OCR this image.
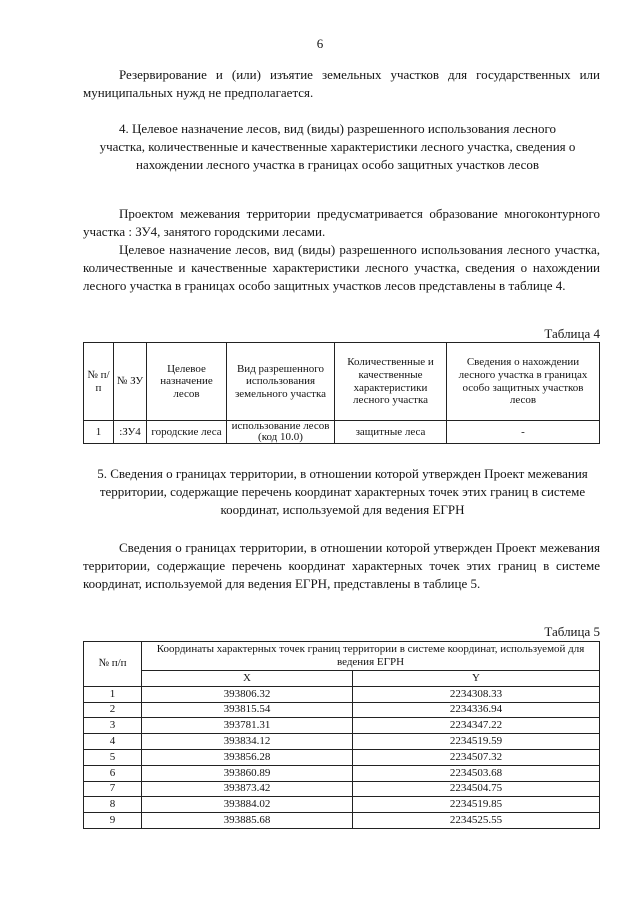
6
Резервирование и (или) изъятие земельных участков для государственных или муниципальных нужд не предполагается.
4. Целевое назначение лесов, вид (виды) разрешенного использования лесного участка, количественные и качественные характеристики лесного участка, сведения о нахождении лесного участка в границах особо защитных участков лесов
Проектом межевания территории предусматривается образование многоконтурного участка : ЗУ4, занятого городскими лесами.
Целевое назначение лесов, вид (виды) разрешенного использования лесного участка, количественные и качественные характеристики лесного участка, сведения о нахождении лесного участка в границах особо защитных участков лесов представлены в таблице 4.
Таблица 4
№ п/п	№ ЗУ	Целевое назначение лесов	Вид разрешенного использования земельного участка	Количественные и качественные характеристики лесного участка	Сведения о нахождении лесного участка в границах особо защитных участков лесов
1	:ЗУ4	городские леса	использование лесов (код 10.0)	защитные леса	-
5. Сведения о границах территории, в отношении которой утвержден Проект межевания территории, содержащие перечень координат характерных точек этих границ в системе координат, используемой для ведения ЕГРН
Сведения о границах территории, в отношении которой утвержден Проект межевания территории, содержащие перечень координат характерных точек этих границ в системе координат, используемой для ведения ЕГРН, представлены в таблице 5.
Таблица 5
№ п/п	Координаты характерных точек границ территории в системе координат, используемой для ведения ЕГРН	
	X	Y
1	393806.32	2234308.33
2	393815.54	2234336.94
3	393781.31	2234347.22
4	393834.12	2234519.59
5	393856.28	2234507.32
6	393860.89	2234503.68
7	393873.42	2234504.75
8	393884.02	2234519.85
9	393885.68	2234525.55
